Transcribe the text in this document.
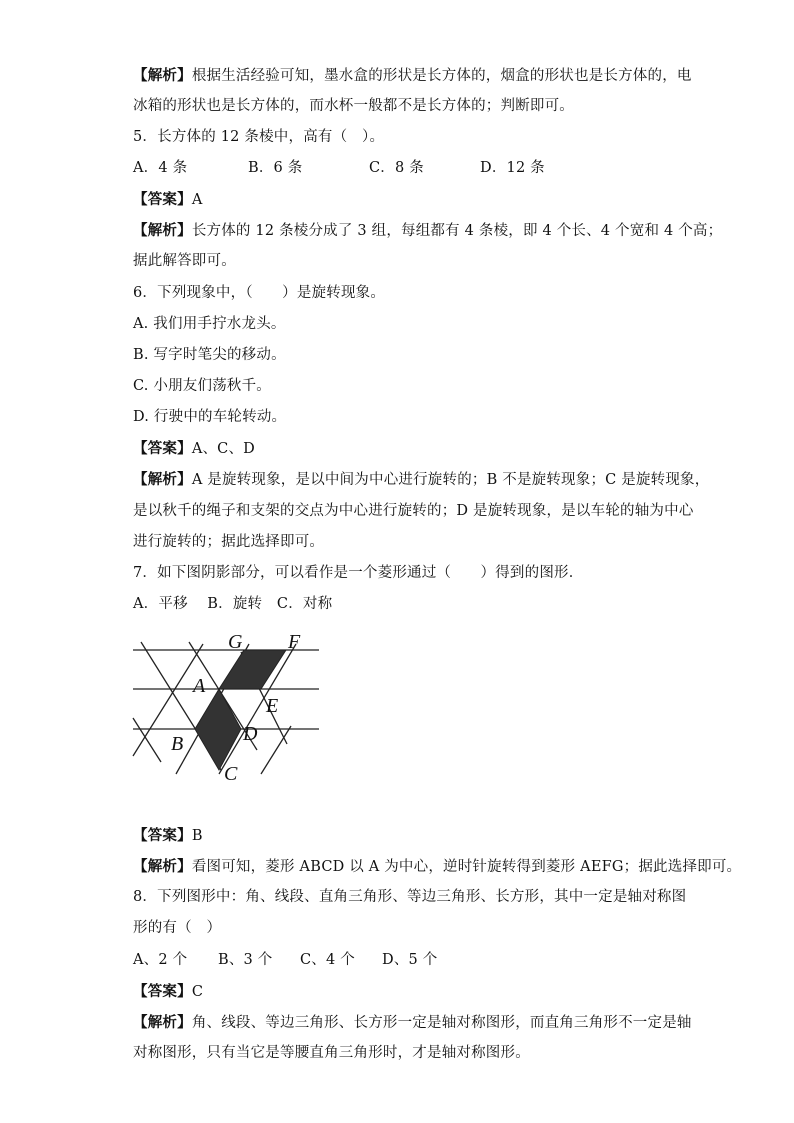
【解析】根据生活经验可知，墨水盒的形状是长方体的，烟盒的形状也是长方体的，电
冰箱的形状也是长方体的，而水杯一般都不是长方体的；判断即可。
5．长方体的 12 条棱中，高有（　）。
A．4 条	B．6 条	C．8 条	D．12 条
【答案】A
【解析】长方体的 12 条棱分成了 3 组，每组都有 4 条棱，即 4 个长、4 个宽和 4 个高；
据此解答即可。
6．下列现象中，（　　）是旋转现象。
A. 我们用手拧水龙头。
B. 写字时笔尖的移动。
C. 小朋友们荡秋千。
D. 行驶中的车轮转动。
【答案】A、C、D
【解析】A 是旋转现象，是以中间为中心进行旋转的；B 不是旋转现象；C 是旋转现象，
是以秋千的绳子和支架的交点为中心进行旋转的；D 是旋转现象，是以车轮的轴为中心
进行旋转的；据此选择即可。
7．如下图阴影部分，可以看作是一个菱形通过（　　）得到的图形．
A．平移　 B．旋转　C．对称
G F
A
E
D
B
C
【答案】B
【解析】看图可知，菱形 ABCD 以 A 为中心，逆时针旋转得到菱形 AEFG；据此选择即可。
8．下列图形中：角、线段、直角三角形、等边三角形、长方形，其中一定是轴对称图
形的有（　）
A、2 个 B、3 个 C、4 个 D、5 个
【答案】C
【解析】角、线段、等边三角形、长方形一定是轴对称图形，而直角三角形不一定是轴
对称图形，只有当它是等腰直角三角形时，才是轴对称图形。
